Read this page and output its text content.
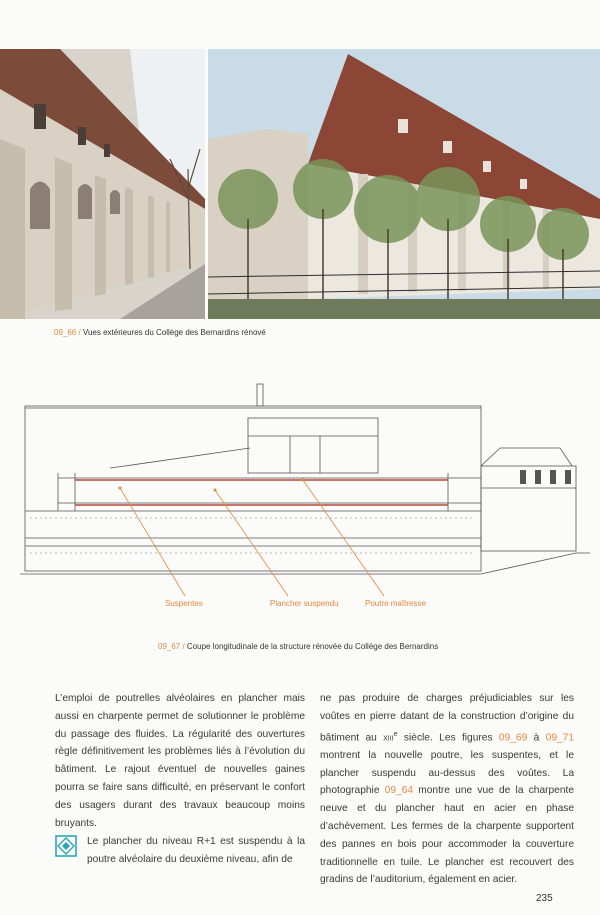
09_66 / Vues extérieures du Collège des Bernardins rénové
Suspentes	Plancher suspendu	Poutre maîtresse
09_67 / Coupe longitudinale de la structure rénovée du Collège des Bernardins

L’emploi de poutrelles alvéolaires en plancher mais aussi en charpente permet de solutionner le problème du passage des fluides. La régularité des ouvertures règle définitivement les problèmes liés à l’évolution du bâtiment. Le rajout éventuel de nouvelles gaines pourra se faire sans difficulté, en préservant le confort des usagers durant des travaux beaucoup moins bruyants.

Le plancher du niveau R+1 est suspendu à la poutre alvéolaire du deuxième niveau, afin de
ne pas produire de charges préjudiciables sur les voûtes en pierre datant de la construction d’origine du bâtiment au xiii$^e$ siècle. Les figures 09_69 à 09_71 montrent la nouvelle poutre, les suspentes, et le plancher suspendu au-dessus des voûtes. La photographie 09_64 montre une vue de la charpente neuve et du plancher haut en acier en phase d’achèvement. Les fermes de la charpente supportent des pannes en bois pour accommoder la couverture traditionnelle en tuile. Le plancher est recouvert des gradins de l’auditorium, également en acier.
235
